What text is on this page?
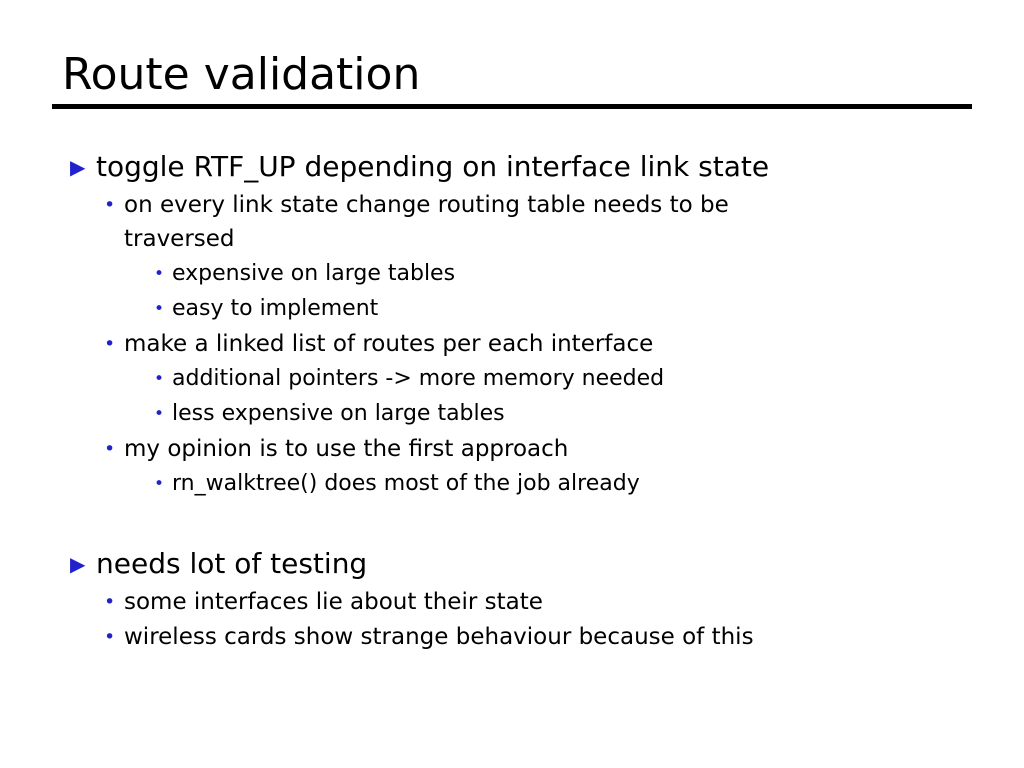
Route validation
▶ toggle RTF_UP depending on interface link state
• on every link state change routing table needs to be traversed
• expensive on large tables
• easy to implement
• make a linked list of routes per each interface
• additional pointers -> more memory needed
• less expensive on large tables
• my opinion is to use the first approach
• rn_walktree() does most of the job already
▶ needs lot of testing
• some interfaces lie about their state
• wireless cards show strange behaviour because of this
